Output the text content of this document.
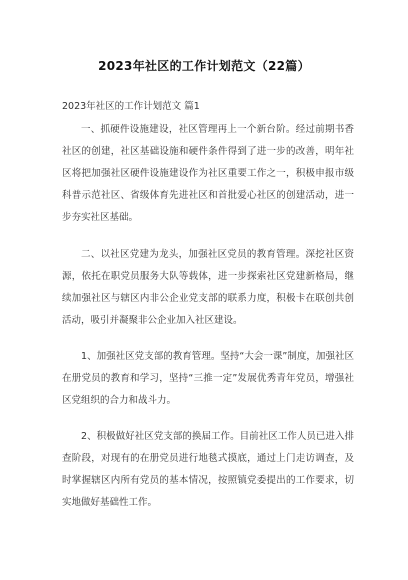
2023年社区的工作计划范文（22篇）
2023年社区的工作计划范文 篇1

一、抓硬件设施建设，社区管理再上一个新台阶。经过前期书香社区的创建，社区基础设施和硬件条件得到了进一步的改善，明年社区将把加强社区硬件设施建设作为社区重要工作之一，积极申报市级科普示范社区、省级体育先进社区和首批爱心社区的创建活动，进一步夯实社区基础。

二、以社区党建为龙头，加强社区党员的教育管理。深挖社区资源，依托在职党员服务大队等载体，进一步探索社区党建新格局，继续加强社区与辖区内非公企业党支部的联系力度，积极卡在联创共创活动，吸引并凝聚非公企业加入社区建设。

1、加强社区党支部的教育管理。坚持“大会一课”制度，加强社区在册党员的教育和学习，坚持“三推一定”发展优秀青年党员，增强社区党组织的合力和战斗力。

2、积极做好社区党支部的换届工作。目前社区工作人员已进入排查阶段，对现有的在册党员进行地毯式摸底，通过上门走访调查，及时掌握辖区内所有党员的基本情况，按照镇党委提出的工作要求，切实地做好基础性工作。
